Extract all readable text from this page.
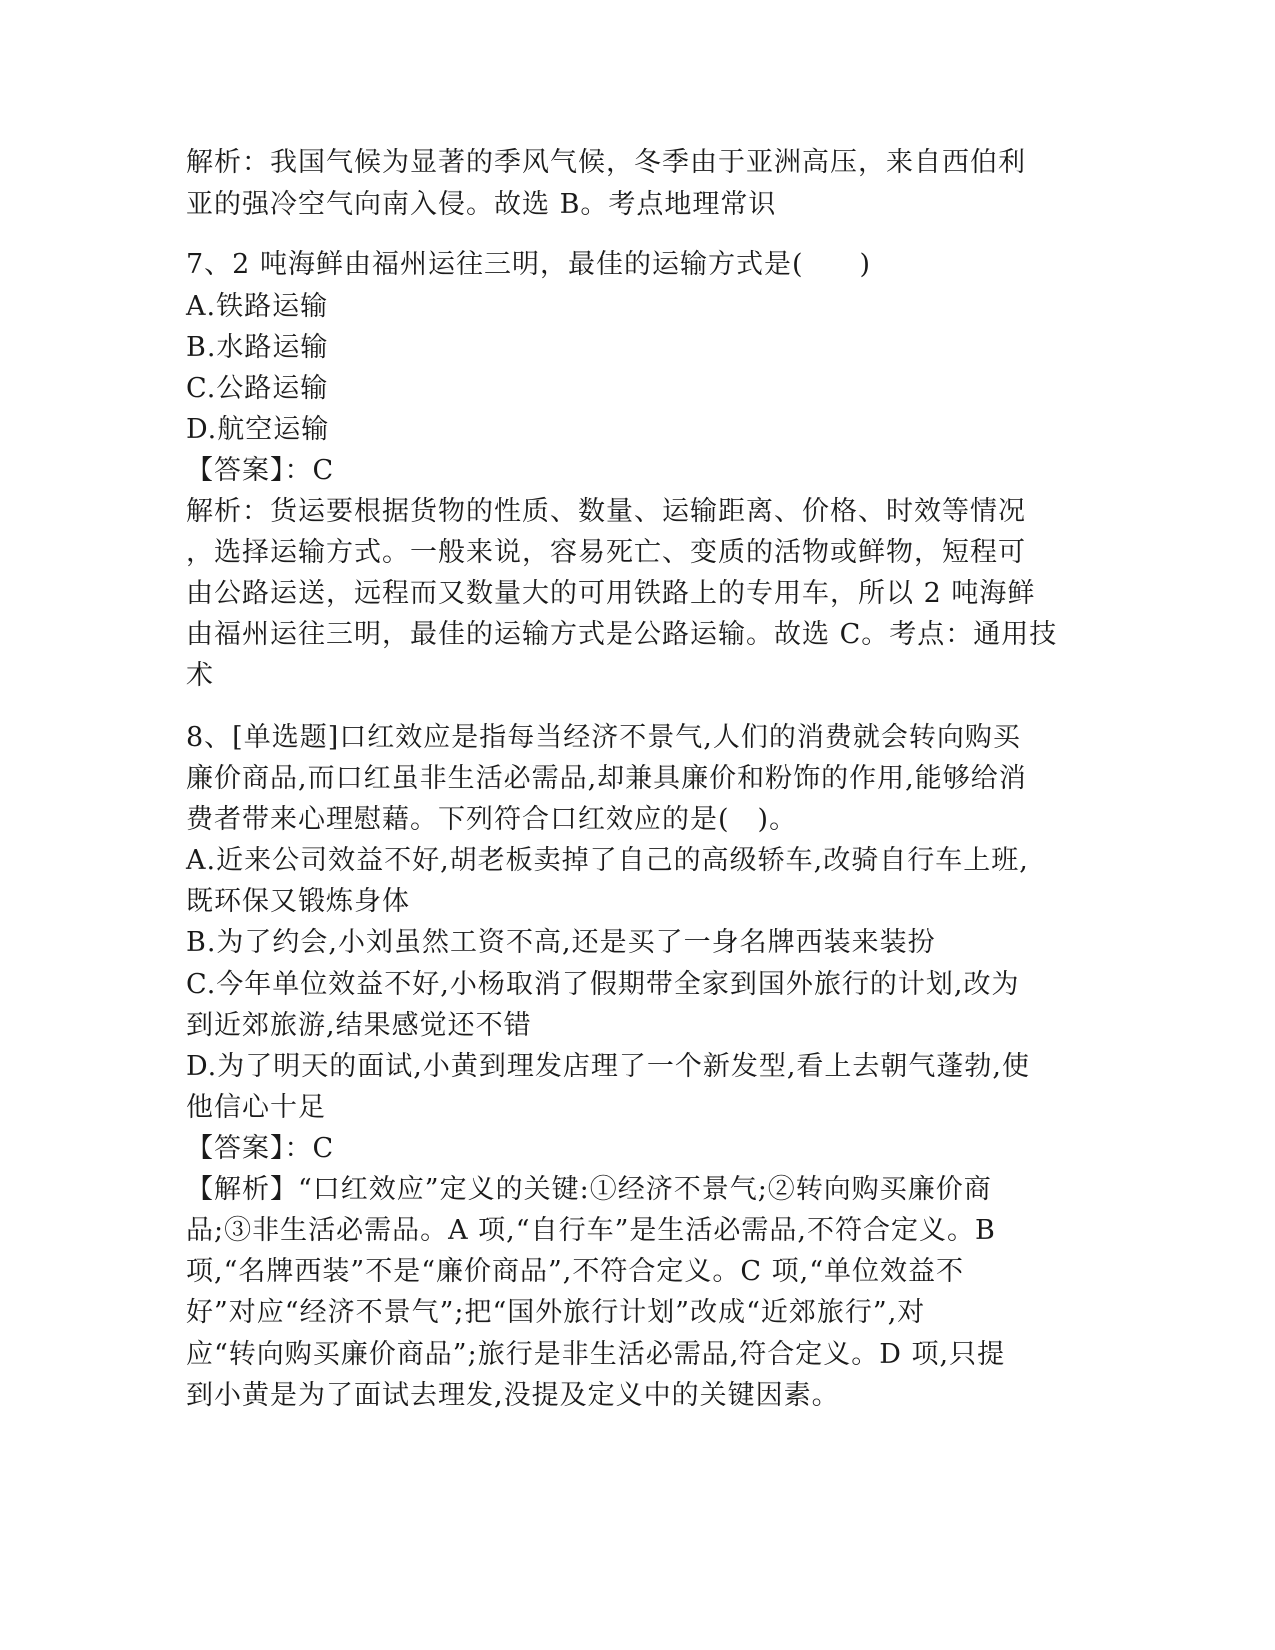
解析：我国气候为显著的季风气候，冬季由于亚洲高压，来自西伯利
亚的强冷空气向南入侵。故选 B。考点地理常识
7、2 吨海鲜由福州运往三明，最佳的运输方式是(　　)
A.铁路运输
B.水路运输
C.公路运输
D.航空运输
【答案】：C
解析：货运要根据货物的性质、数量、运输距离、价格、时效等情况
，选择运输方式。一般来说，容易死亡、变质的活物或鲜物，短程可
由公路运送，远程而又数量大的可用铁路上的专用车，所以 2 吨海鲜
由福州运往三明，最佳的运输方式是公路运输。故选 C。考点：通用技
术
8、[单选题]口红效应是指每当经济不景气,人们的消费就会转向购买
廉价商品,而口红虽非生活必需品,却兼具廉价和粉饰的作用,能够给消
费者带来心理慰藉。下列符合口红效应的是(　)。
A.近来公司效益不好,胡老板卖掉了自己的高级轿车,改骑自行车上班,
既环保又锻炼身体
B.为了约会,小刘虽然工资不高,还是买了一身名牌西装来装扮
C.今年单位效益不好,小杨取消了假期带全家到国外旅行的计划,改为
到近郊旅游,结果感觉还不错
D.为了明天的面试,小黄到理发店理了一个新发型,看上去朝气蓬勃,使
他信心十足
【答案】：C
【解析】“口红效应”定义的关键:①经济不景气;②转向购买廉价商
品;③非生活必需品。A 项,“自行车”是生活必需品,不符合定义。B
项,“名牌西装”不是“廉价商品”,不符合定义。C 项,“单位效益不
好”对应“经济不景气”;把“国外旅行计划”改成“近郊旅行”,对
应“转向购买廉价商品”;旅行是非生活必需品,符合定义。D 项,只提
到小黄是为了面试去理发,没提及定义中的关键因素。
